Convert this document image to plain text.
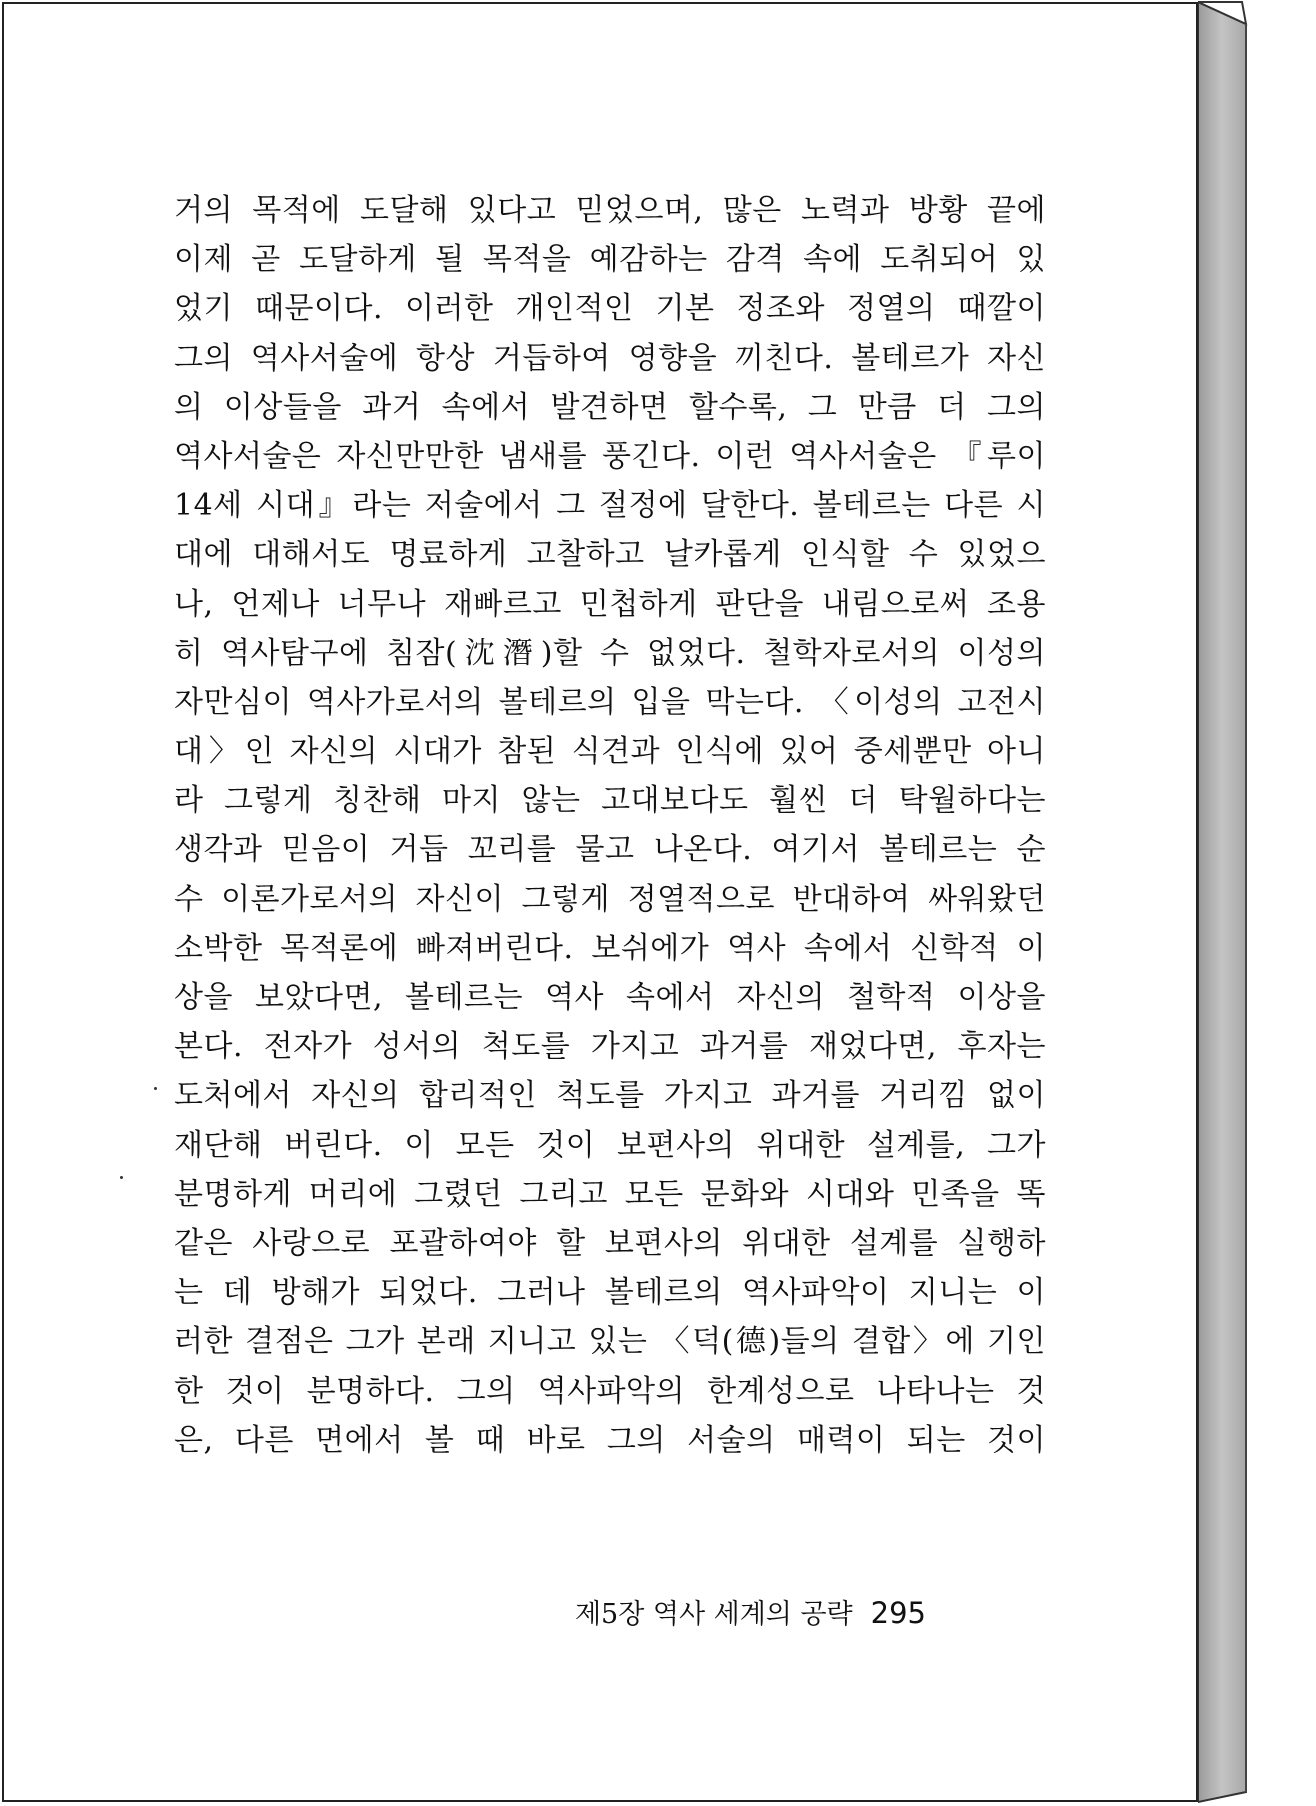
거의 목적에 도달해 있다고 믿었으며, 많은 노력과 방황 끝에
이제 곧 도달하게 될 목적을 예감하는 감격 속에 도취되어 있
었기 때문이다. 이러한 개인적인 기본 정조와 정열의 때깔이
그의 역사서술에 항상 거듭하여 영향을 끼친다. 볼테르가 자신
의 이상들을 과거 속에서 발견하면 할수록, 그 만큼 더 그의
역사서술은 자신만만한 냄새를 풍긴다. 이런 역사서술은 『루이
14세 시대』라는 저술에서 그 절정에 달한다. 볼테르는 다른 시
대에 대해서도 명료하게 고찰하고 날카롭게 인식할 수 있었으
나, 언제나 너무나 재빠르고 민첩하게 판단을 내림으로써 조용
히 역사탐구에 침잠(沈潛)할 수 없었다. 철학자로서의 이성의
자만심이 역사가로서의 볼테르의 입을 막는다. 〈이성의 고전시
대〉인 자신의 시대가 참된 식견과 인식에 있어 중세뿐만 아니
라 그렇게 칭찬해 마지 않는 고대보다도 훨씬 더 탁월하다는
생각과 믿음이 거듭 꼬리를 물고 나온다. 여기서 볼테르는 순
수 이론가로서의 자신이 그렇게 정열적으로 반대하여 싸워왔던
소박한 목적론에 빠져버린다. 보쉬에가 역사 속에서 신학적 이
상을 보았다면, 볼테르는 역사 속에서 자신의 철학적 이상을
본다. 전자가 성서의 척도를 가지고 과거를 재었다면, 후자는
도처에서 자신의 합리적인 척도를 가지고 과거를 거리낌 없이
재단해 버린다. 이 모든 것이 보편사의 위대한 설계를, 그가
분명하게 머리에 그렸던 그리고 모든 문화와 시대와 민족을 똑
같은 사랑으로 포괄하여야 할 보편사의 위대한 설계를 실행하
는 데 방해가 되었다. 그러나 볼테르의 역사파악이 지니는 이
러한 결점은 그가 본래 지니고 있는 〈덕(德)들의 결합〉에 기인
한 것이 분명하다. 그의 역사파악의 한계성으로 나타나는 것
은, 다른 면에서 볼 때 바로 그의 서술의 매력이 되는 것이
제5장 역사 세계의 공략 295
